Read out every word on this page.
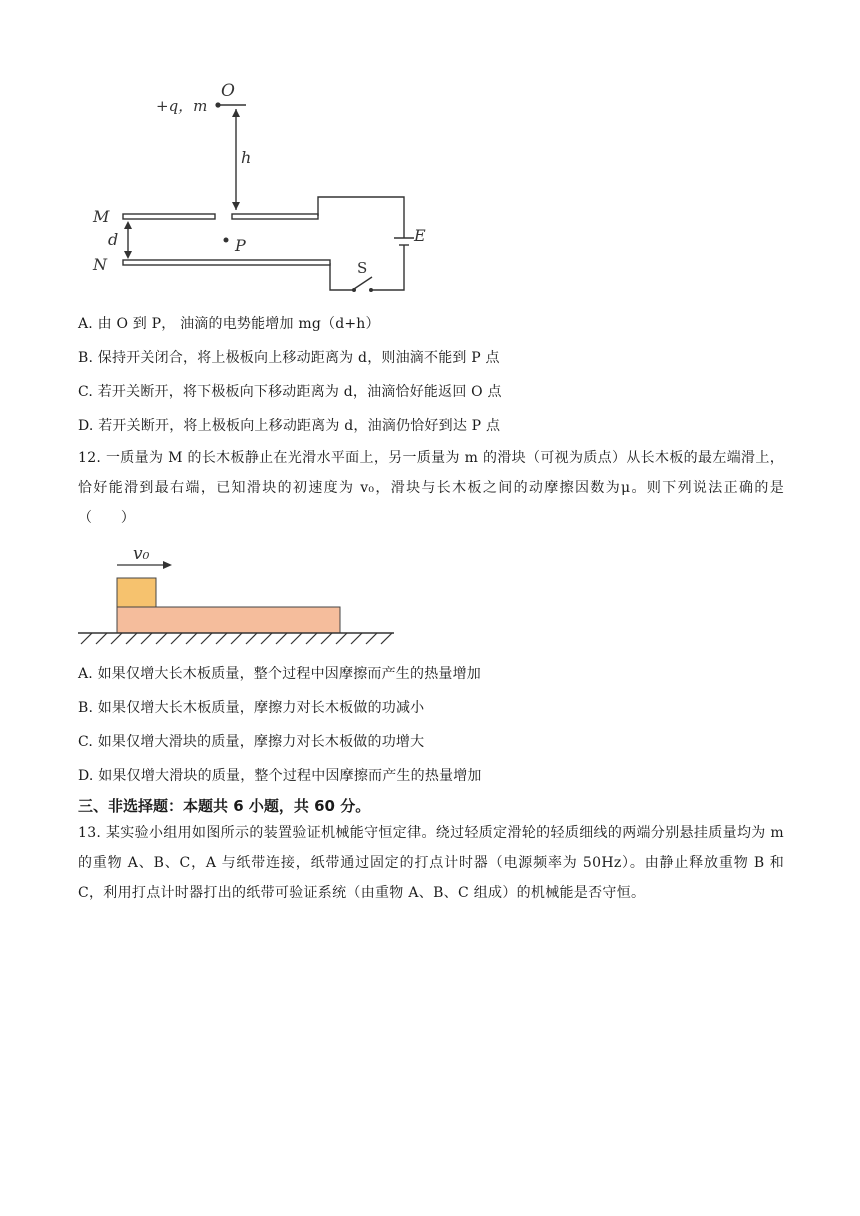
+q，m
O
h
M
d	P
N
E
S
A. 由 O 到 P， 油滴的电势能增加 mg（d+h）
B. 保持开关闭合，将上极板向上移动距离为 d，则油滴不能到 P 点
C. 若开关断开，将下极板向下移动距离为 d，油滴恰好能返回 O 点
D. 若开关断开，将上极板向上移动距离为 d，油滴仍恰好到达 P 点
12. 一质量为 M 的长木板静止在光滑水平面上，另一质量为 m 的滑块（可视为质点）从长木板的最左端滑上，恰好能滑到最右端，已知滑块的初速度为 v₀，滑块与长木板之间的动摩擦因数为μ。则下列说法正确的是（　　）
v₀
A. 如果仅增大长木板质量，整个过程中因摩擦而产生的热量增加
B. 如果仅增大长木板质量，摩擦力对长木板做的功减小
C. 如果仅增大滑块的质量，摩擦力对长木板做的功增大
D. 如果仅增大滑块的质量，整个过程中因摩擦而产生的热量增加
三、非选择题：本题共 6 小题，共 60 分。
13. 某实验小组用如图所示的装置验证机械能守恒定律。绕过轻质定滑轮的轻质细线的两端分别悬挂质量均为 m 的重物 A、B、C，A 与纸带连接，纸带通过固定的打点计时器（电源频率为 50Hz）。由静止释放重物 B 和 C，利用打点计时器打出的纸带可验证系统（由重物 A、B、C 组成）的机械能是否守恒。
